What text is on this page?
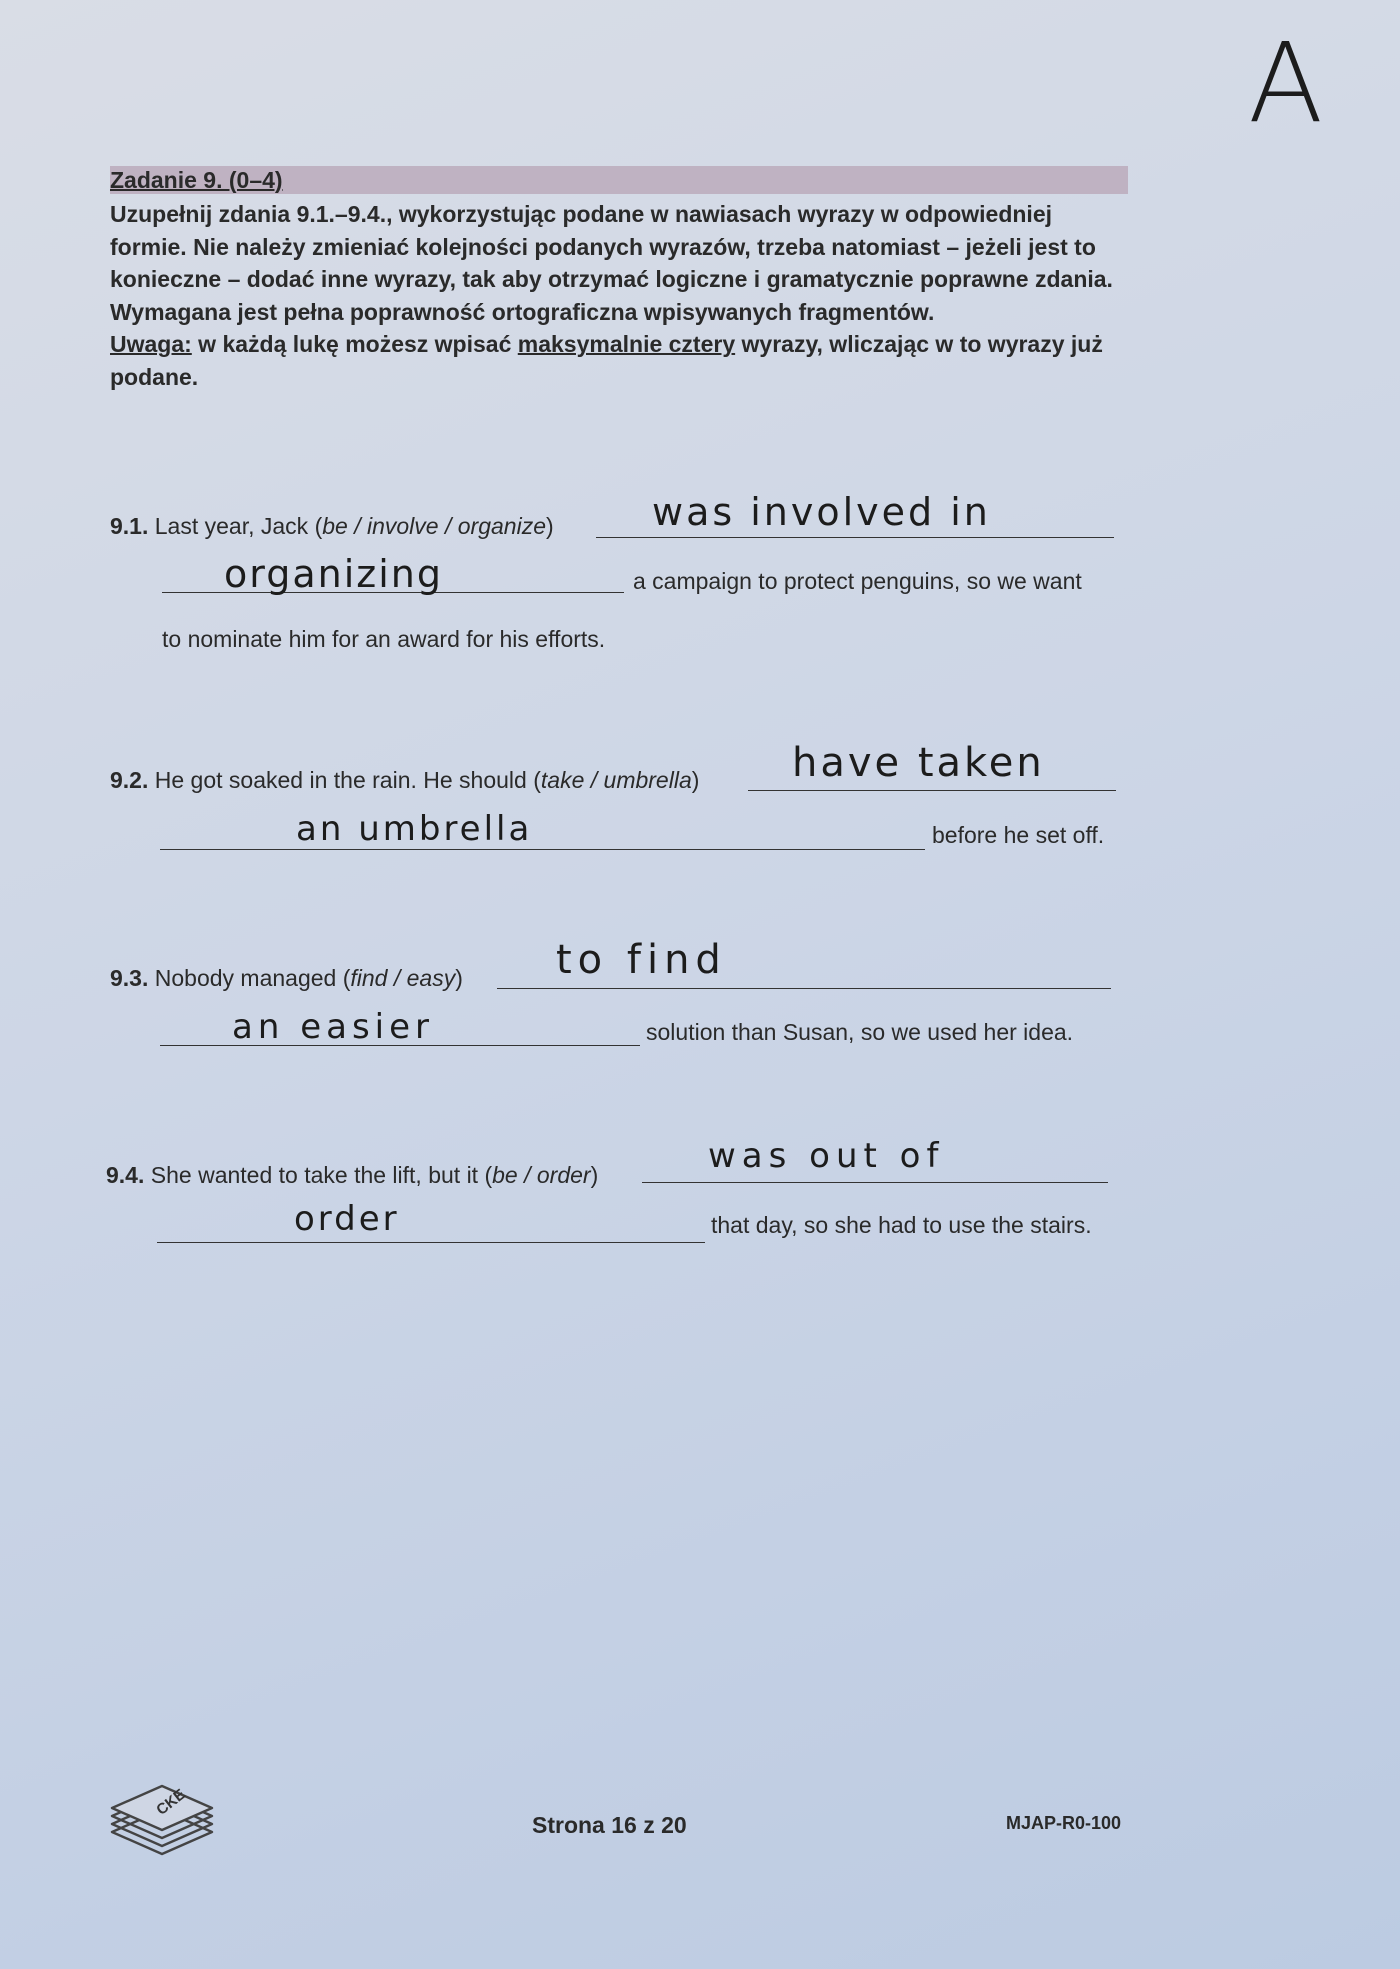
A
Zadanie 9. (0–4)

Uzupełnij zdania 9.1.–9.4., wykorzystując podane w nawiasach wyrazy w odpowiedniej formie. Nie należy zmieniać kolejności podanych wyrazów, trzeba natomiast – jeżeli jest to konieczne – dodać inne wyrazy, tak aby otrzymać logiczne i gramatycznie poprawne zdania. Wymagana jest pełna poprawność ortograficzna wpisywanych fragmentów.
Uwaga: w każdą lukę możesz wpisać maksymalnie cztery wyrazy, wliczając w to wyrazy już podane.

9.1. Last year, Jack (be / involve / organize)	was involved in
organizing	a campaign to protect penguins, so we want
to nominate him for an award for his efforts.
9.2. He got soaked in the rain. He should (take / umbrella) have taken
an umbrella	before he set off.
9.3. Nobody managed (find / easy) to find
an easier	solution than Susan, so we used her idea.
9.4. She wanted to take the lift, but it (be / order)	was out of
order	that day, so she had to use the stairs.
CKE
Strona 16 z 20	MJAP-R0-100
